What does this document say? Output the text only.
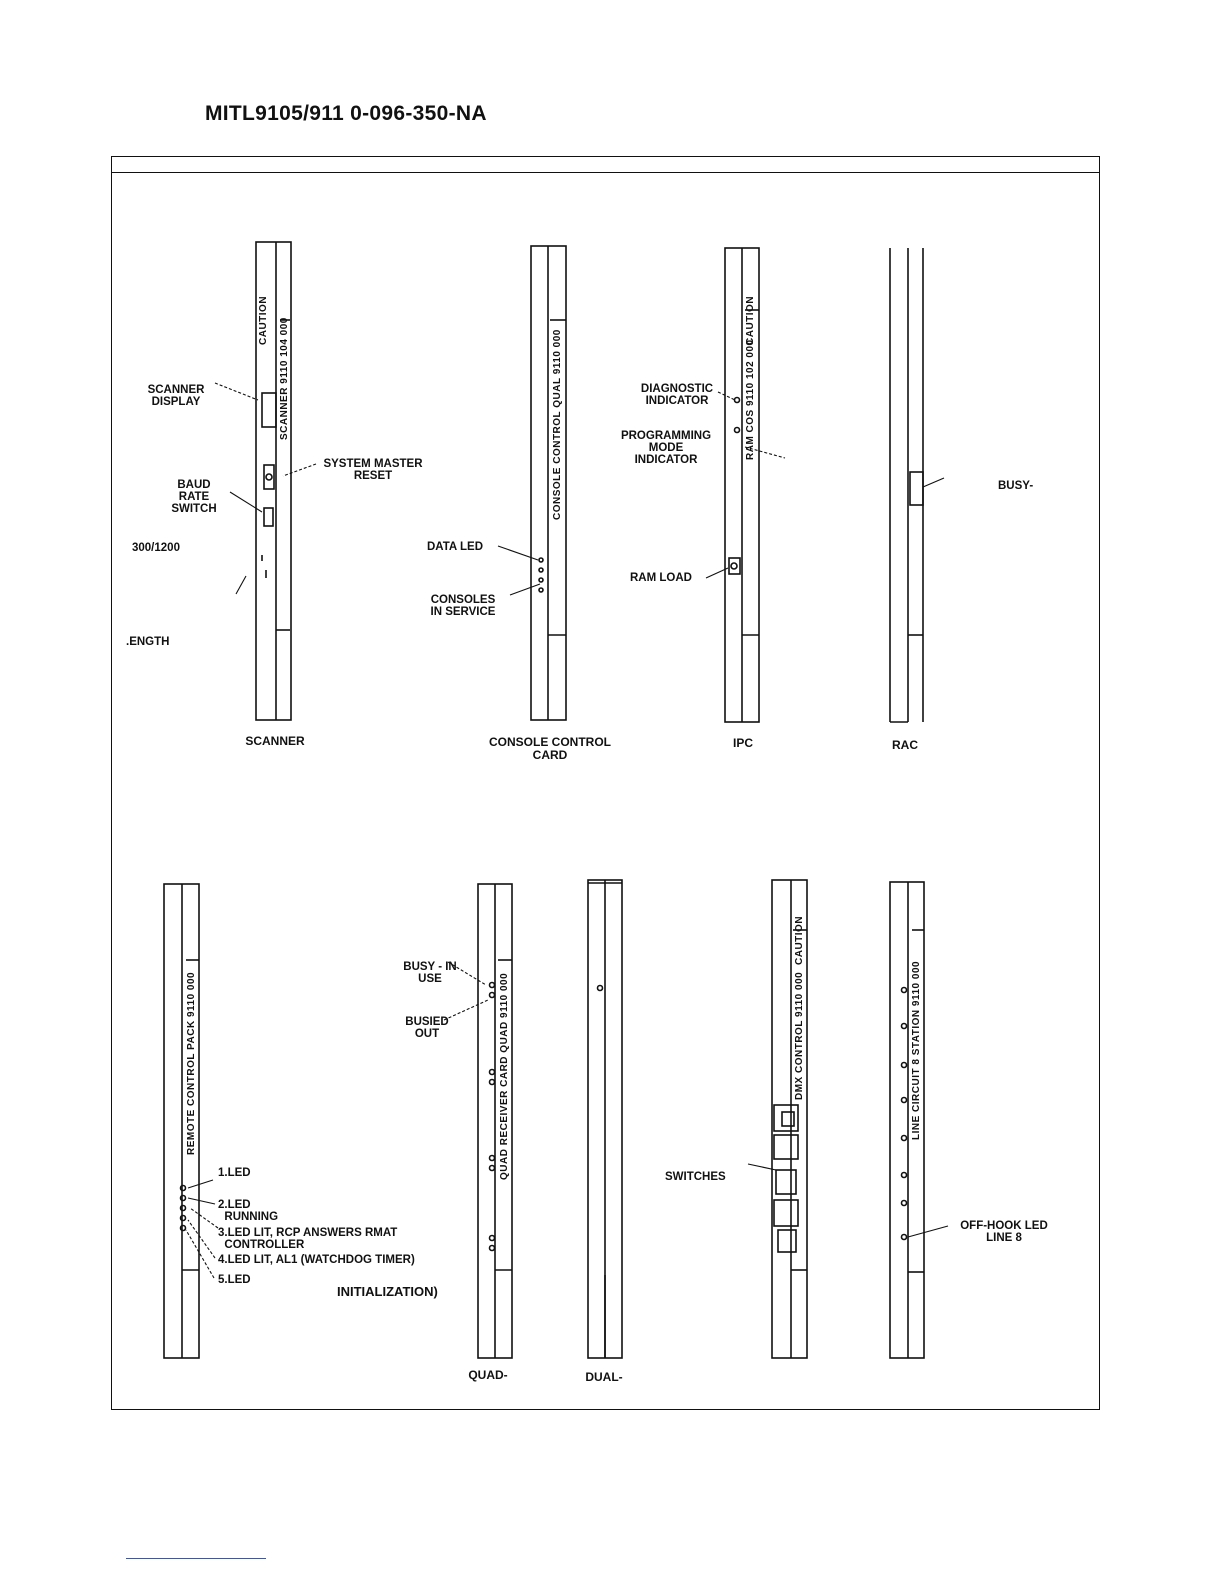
MITL9105/911 0-096-350-NA
SCANNER 9110 104 000
CAUTION
CONSOLE CONTROL QUAL 9110 000	RAM COS 9110 102 000
CAUTION
REMOTE CONTROL PACK 9110 000	QUAD RECEIVER CARD QUAD 9110 000	DMX CONTROL 9110 000
CAUTION
LINE CIRCUIT 8 STATION 9110 000
SCANNER
DISPLAY
SYSTEM MASTER
RESET
BAUD
RATE
SWITCH
300/1200
.ENGTH
SCANNER
DATA LED
CONSOLES
IN SERVICE
CONSOLE CONTROL
CARD
DIAGNOSTIC
INDICATOR
PROGRAMMING
MODE
INDICATOR
RAM LOAD
IPC
BUSY-
RAC
1.LED
2.LED
RUNNING
3.LED LIT, RCP ANSWERS RMAT
CONTROLLER
4.LED LIT, AL1 (WATCHDOG TIMER)
5.LED
INITIALIZATION)
BUSY - IN
USE
BUSIED
OUT
QUAD-	DUAL-
SWITCHES
OFF-HOOK LED
LINE 8
